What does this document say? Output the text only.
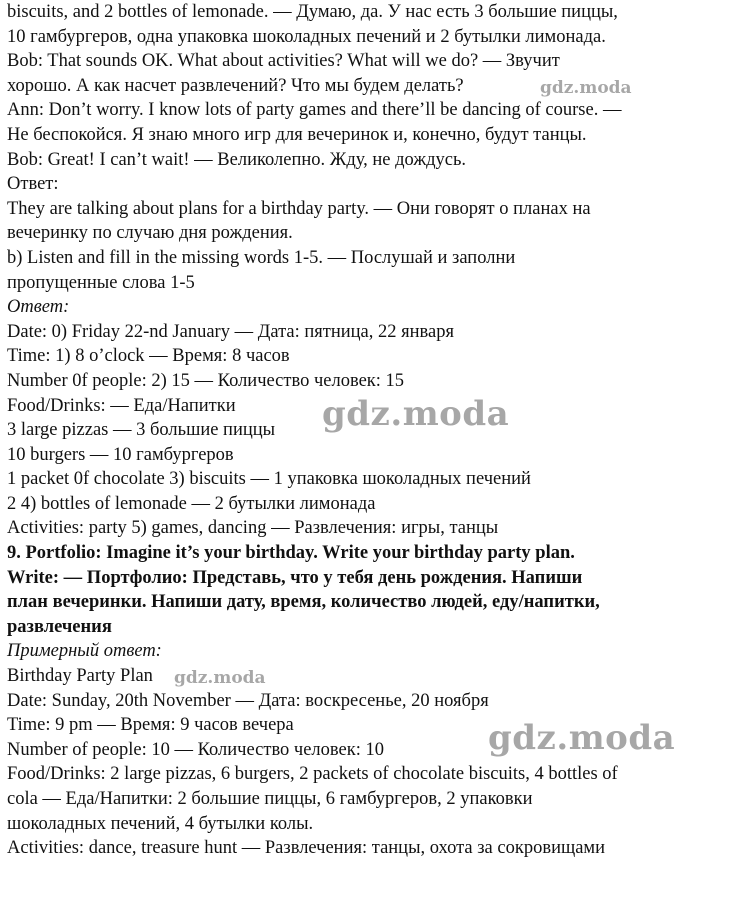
biscuits, and 2 bottles of lemonade. — Думаю, да. У нас есть 3 большие пиццы,
10 гамбургеров, одна упаковка шоколадных печений и 2 бутылки лимонада.
Bob: That sounds OK. What about activities? What will we do? — Звучит
хорошо. А как насчет развлечений? Что мы будем делать?
Ann: Don’t worry. I know lots of party games and there’ll be dancing of course. —
Не беспокойся. Я знаю много игр для вечеринок и, конечно, будут танцы.
Bob: Great! I can’t wait! — Великолепно. Жду, не дождусь.
Ответ:
They are talking about plans for a birthday party. — Они говорят о планах на
вечеринку по случаю дня рождения.
b) Listen and fill in the missing words 1-5. — Послушай и заполни
пропущенные слова 1-5
Ответ:
Date: 0) Friday 22-nd January — Дата: пятница, 22 января
Time: 1) 8 o’clock — Время: 8 часов
Number 0f people: 2) 15 — Количество человек: 15
Food/Drinks: — Еда/Напитки
3 large pizzas — 3 большие пиццы
10 burgers — 10 гамбургеров
1 packet 0f chocolate 3) biscuits — 1 упаковка шоколадных печений
2 4) bottles of lemonade — 2 бутылки лимонада
Activities: party 5) games, dancing — Развлечения: игры, танцы
9. Portfolio: Imagine it’s your birthday. Write your birthday party plan.
Write: — Портфолио: Представь, что у тебя день рождения. Напиши
план вечеринки. Напиши дату, время, количество людей, еду/напитки,
развлечения
Примерный ответ:
Birthday Party Plan
Date: Sunday, 20th November — Дата: воскресенье, 20 ноября
Time: 9 pm — Время: 9 часов вечера
Number of people: 10 — Количество человек: 10
Food/Drinks: 2 large pizzas, 6 burgers, 2 packets of chocolate biscuits, 4 bottles of
cola — Еда/Напитки: 2 большие пиццы, 6 гамбургеров, 2 упаковки
шоколадных печений, 4 бутылки колы.
Activities: dance, treasure hunt — Развлечения: танцы, охота за сокровищами
gdz.moda
gdz.moda
gdz.moda
gdz.moda
